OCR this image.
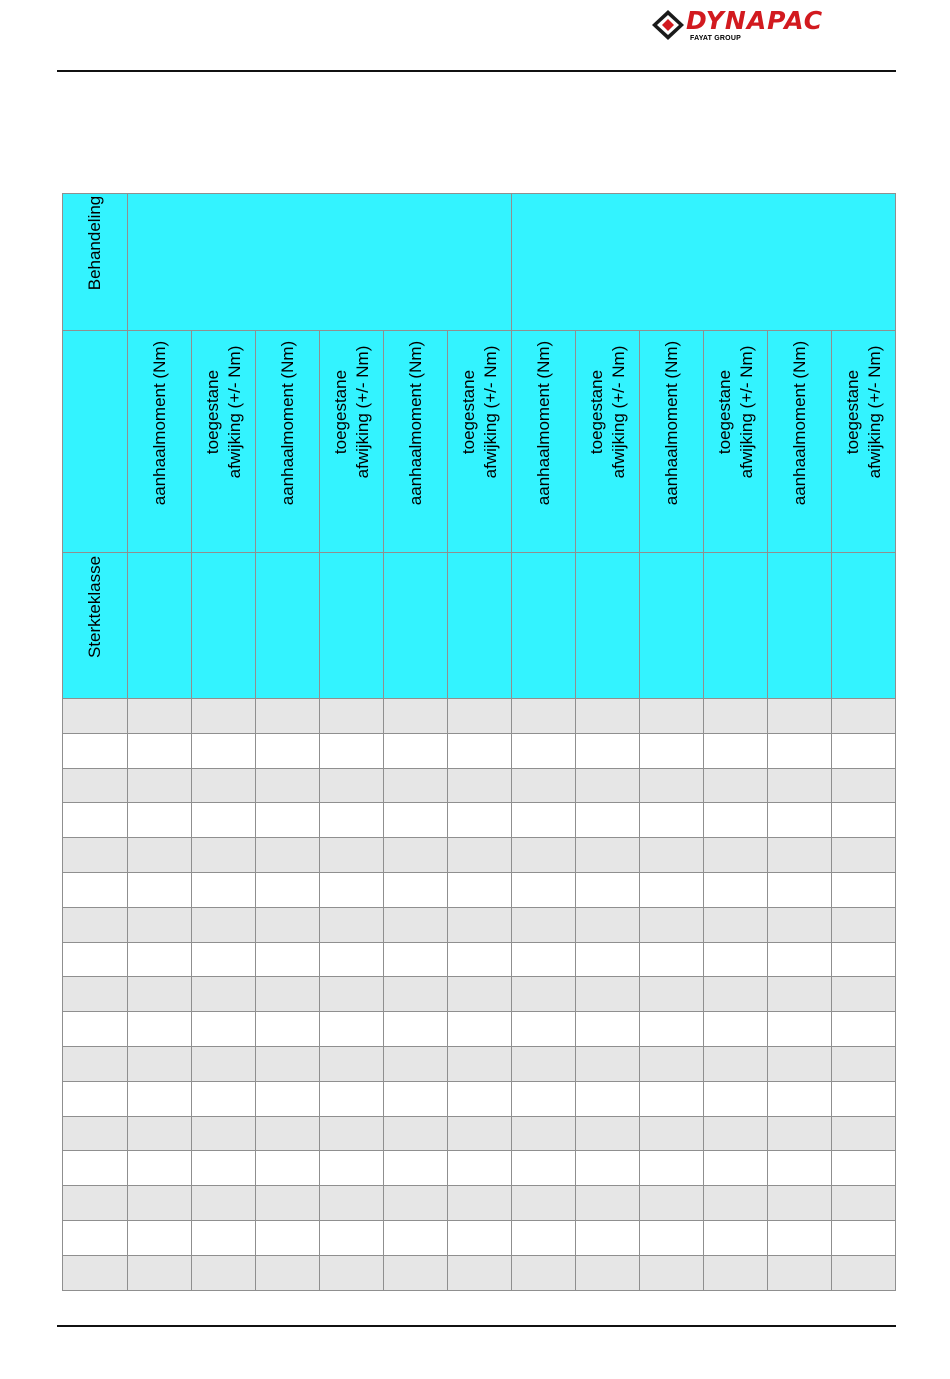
DYNAPAC
FAYAT GROUP
Behandeling												

	aanhaalmoment (Nm)	toegestane afwijking (+/- Nm)	aanhaalmoment (Nm)	toegestane afwijking (+/- Nm)	aanhaalmoment (Nm)	toegestane afwijking (+/- Nm)	aanhaalmoment (Nm)	toegestane afwijking (+/- Nm)	aanhaalmoment (Nm)	toegestane afwijking (+/- Nm)	aanhaalmoment (Nm)	toegestane afwijking (+/- Nm)

Sterkteklasse												
